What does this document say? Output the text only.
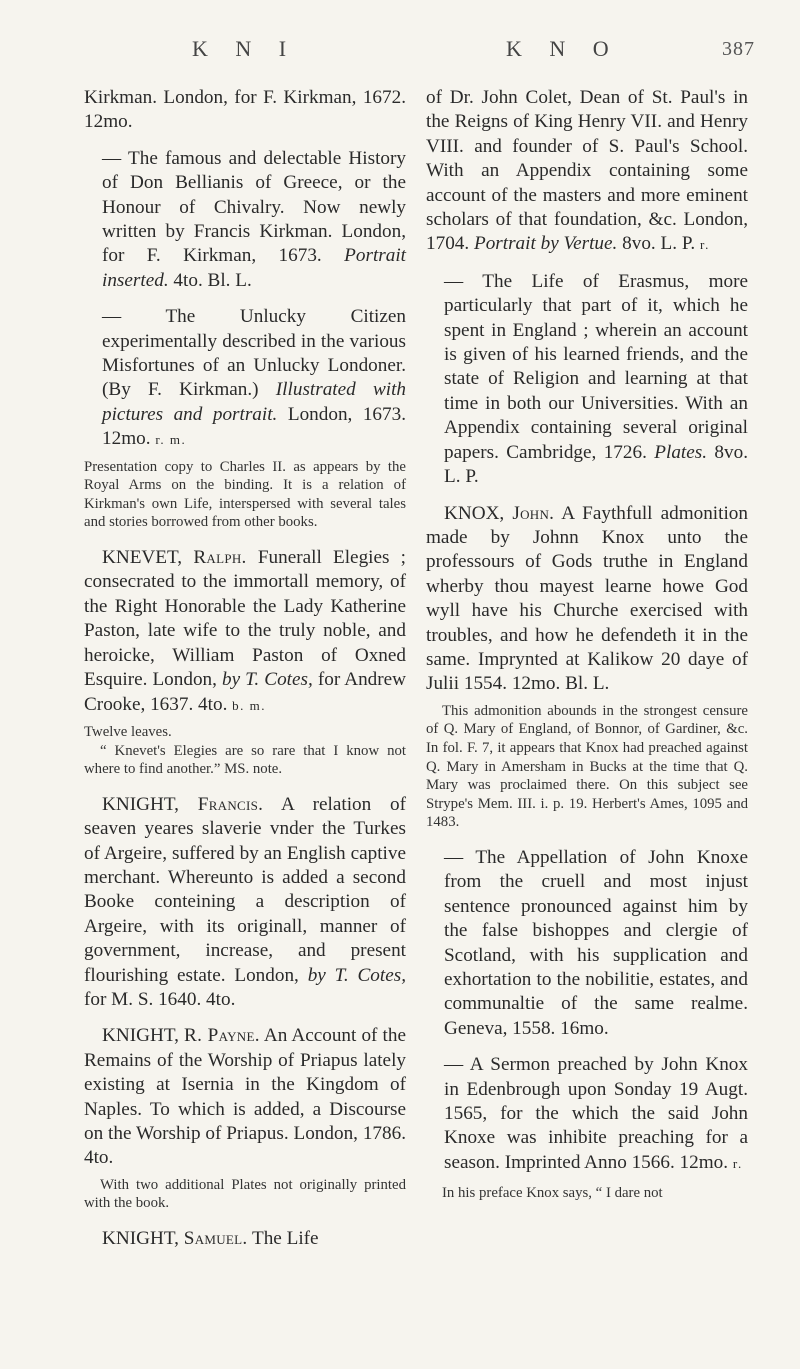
K N I	K N O	387

Kirkman. London, for F. Kirkman, 1672. 12mo.

— The famous and delectable History of Don Bellianis of Greece, or the Honour of Chivalry. Now newly written by Francis Kirkman. London, for F. Kirkman, 1673. Portrait inserted. 4to. Bl. L.

— The Unlucky Citizen experimentally described in the various Misfortunes of an Unlucky Londoner. (By F. Kirkman.) Illustrated with pictures and portrait. London, 1673. 12mo. r. m.

Presentation copy to Charles II. as appears by the Royal Arms on the binding. It is a relation of Kirkman's own Life, interspersed with several tales and stories borrowed from other books.

KNEVET, Ralph. Funerall Elegies ; consecrated to the immortall memory, of the Right Honorable the Lady Katherine Paston, late wife to the truly noble, and heroicke, William Paston of Oxned Esquire. London, by T. Cotes, for Andrew Crooke, 1637. 4to. b. m.

Twelve leaves.

“ Knevet's Elegies are so rare that I know not where to find another.” MS. note.

KNIGHT, Francis. A relation of seaven yeares slaverie vnder the Turkes of Argeire, suffered by an English captive merchant. Whereunto is added a second Booke conteining a description of Argeire, with its originall, manner of government, increase, and present flourishing estate. London, by T. Cotes, for M. S. 1640. 4to.

KNIGHT, R. Payne. An Account of the Remains of the Worship of Priapus lately existing at Isernia in the Kingdom of Naples. To which is added, a Discourse on the Worship of Priapus. London, 1786. 4to.

With two additional Plates not originally printed with the book.

KNIGHT, Samuel. The Life

of Dr. John Colet, Dean of St. Paul's in the Reigns of King Henry VII. and Henry VIII. and founder of S. Paul's School. With an Appendix containing some account of the masters and more eminent scholars of that foundation, &c. London, 1704. Portrait by Vertue. 8vo. L. P. r.

— The Life of Erasmus, more particularly that part of it, which he spent in England ; wherein an account is given of his learned friends, and the state of Religion and learning at that time in both our Universities. With an Appendix containing several original papers. Cambridge, 1726. Plates. 8vo. L. P.

KNOX, John. A Faythfull admonition made by Johnn Knox unto the professours of Gods truthe in England wherby thou mayest learne howe God wyll have his Churche exercised with troubles, and how he defendeth it in the same. Imprynted at Kalikow 20 daye of Julii 1554. 12mo. Bl. L.

This admonition abounds in the strongest censure of Q. Mary of England, of Bonnor, of Gardiner, &c. In fol. F. 7, it appears that Knox had preached against Q. Mary in Amersham in Bucks at the time that Q. Mary was proclaimed there. On this subject see Strype's Mem. III. i. p. 19. Herbert's Ames, 1095 and 1483.

— The Appellation of John Knoxe from the cruell and most injust sentence pronounced against him by the false bishoppes and clergie of Scotland, with his supplication and exhortation to the nobilitie, estates, and communaltie of the same realme. Geneva, 1558. 16mo.

— A Sermon preached by John Knox in Edenbrough upon Sonday 19 Augt. 1565, for the which the said John Knoxe was inhibite preaching for a season. Imprinted Anno 1566. 12mo. r.

In his preface Knox says, “ I dare not
